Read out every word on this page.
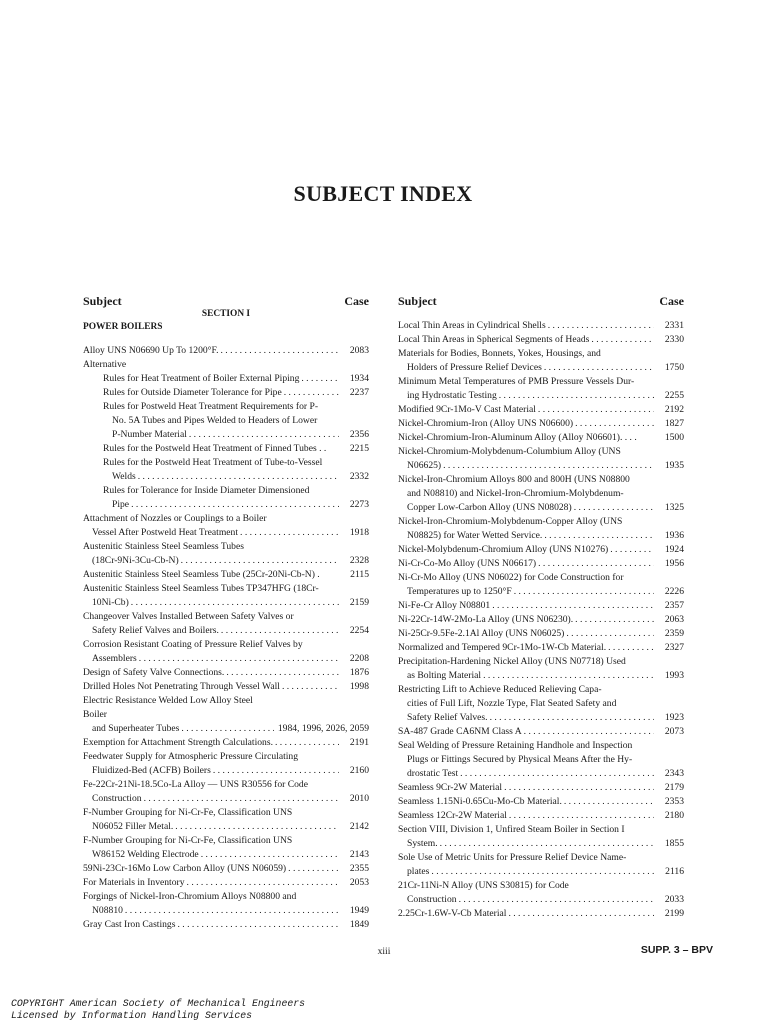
SUBJECT INDEX
Subject	Case
SECTION I
POWER BOILERS
Alloy UNS N06690 Up To 1200°F. . . .	2083
Alternative
Rules for Heat Treatment of Boiler External Piping . . .	1934
Rules for Outside Diameter Tolerance for Pipe . . .	2237
Rules for Postweld Heat Treatment Requirements for P-
No. 5A Tubes and Pipes Welded to Headers of Lower
P-Number Material . . .	2356
Rules for the Postweld Heat Treatment of Finned Tubes . .	2215
Rules for the Postweld Heat Treatment of Tube-to-Vessel
Welds . . .	2332
Rules for Tolerance for Inside Diameter Dimensioned
Pipe . . .	2273
Attachment of Nozzles or Couplings to a Boiler
Vessel After Postweld Heat Treatment . . .	1918
Austenitic Stainless Steel Seamless Tubes
(18Cr-9Ni-3Cu-Cb-N) . . .	2328
Austenitic Stainless Steel Seamless Tube (25Cr-20Ni-Cb-N) .	2115
Austenitic Stainless Steel Seamless Tubes TP347HFG (18Cr-
10Ni-Cb) . . .	2159
Changeover Valves Installed Between Safety Valves or
Safety Relief Valves and Boilers. . . .	2254
Corrosion Resistant Coating of Pressure Relief Valves by
Assemblers . . .	2208
Design of Safety Valve Connections. . . .	1876
Drilled Holes Not Penetrating Through Vessel Wall . . .	1998
Electric Resistance Welded Low Alloy Steel Boiler
and Superheater Tubes . . .	1984, 1996, 2026, 2059
Exemption for Attachment Strength Calculations. . . .	2191
Feedwater Supply for Atmospheric Pressure Circulating
Fluidized-Bed (ACFB) Boilers . . .	2160
Fe-22Cr-21Ni-18.5Co-La Alloy — UNS R30556 for Code
Construction . . .	2010
F-Number Grouping for Ni-Cr-Fe, Classification UNS
N06052 Filler Metal. . . .	2142
F-Number Grouping for Ni-Cr-Fe, Classification UNS
W86152 Welding Electrode . . .	2143
59Ni-23Cr-16Mo Low Carbon Alloy (UNS N06059) . . .	2355
For Materials in Inventory . . .	2053
Forgings of Nickel-Iron-Chromium Alloys N08800 and
N08810 . . .	1949
Gray Cast Iron Castings . . .	1849
Subject	Case
Local Thin Areas in Cylindrical Shells . . .	2331
Local Thin Areas in Spherical Segments of Heads . . .	2330
Materials for Bodies, Bonnets, Yokes, Housings, and
Holders of Pressure Relief Devices . . .	1750
Minimum Metal Temperatures of PMB Pressure Vessels Dur-
ing Hydrostatic Testing . . .	2255
Modified 9Cr-1Mo-V Cast Material . . .	2192
Nickel-Chromium-Iron (Alloy UNS N06600) . . .	1827
Nickel-Chromium-Iron-Aluminum Alloy (Alloy N06601). . . .	1500
Nickel-Chromium-Molybdenum-Columbium Alloy (UNS
N06625) . . .	1935
Nickel-Iron-Chromium Alloys 800 and 800H (UNS N08800
and N08810) and Nickel-Iron-Chromium-Molybdenum-
Copper Low-Carbon Alloy (UNS N08028) . . .	1325
Nickel-Iron-Chromium-Molybdenum-Copper Alloy (UNS
N08825) for Water Wetted Service. . . .	1936
Nickel-Molybdenum-Chromium Alloy (UNS N10276) . . .	1924
Ni-Cr-Co-Mo Alloy (UNS N06617) . . .	1956
Ni-Cr-Mo Alloy (UNS N06022) for Code Construction for
Temperatures up to 1250°F . . .	2226
Ni-Fe-Cr Alloy N08801 . . .	2357
Ni-22Cr-14W-2Mo-La Alloy (UNS N06230). . . .	2063
Ni-25Cr-9.5Fe-2.1Al Alloy (UNS N06025) . . .	2359
Normalized and Tempered 9Cr-1Mo-1W-Cb Material. . . .	2327
Precipitation-Hardening Nickel Alloy (UNS N07718) Used
as Bolting Material . . .	1993
Restricting Lift to Achieve Reduced Relieving Capa-
cities of Full Lift, Nozzle Type, Flat Seated Safety and
Safety Relief Valves. . . .	1923
SA-487 Grade CA6NM Class A . . .	2073
Seal Welding of Pressure Retaining Handhole and Inspection
Plugs or Fittings Secured by Physical Means After the Hy-
drostatic Test . . .	2343
Seamless 9Cr-2W Material . . .	2179
Seamless 1.15Ni-0.65Cu-Mo-Cb Material. . . .	2353
Seamless 12Cr-2W Material . . .	2180
Section VIII, Division 1, Unfired Steam Boiler in Section I
System. . . .	1855
Sole Use of Metric Units for Pressure Relief Device Name-
plates . . .	2116
21Cr-11Ni-N Alloy (UNS S30815) for Code
Construction . . .	2033
2.25Cr-1.6W-V-Cb Material . . .	2199
xiii	SUPP. 3 – BPV
COPYRIGHT American Society of Mechanical Engineers
Licensed by Information Handling Services
